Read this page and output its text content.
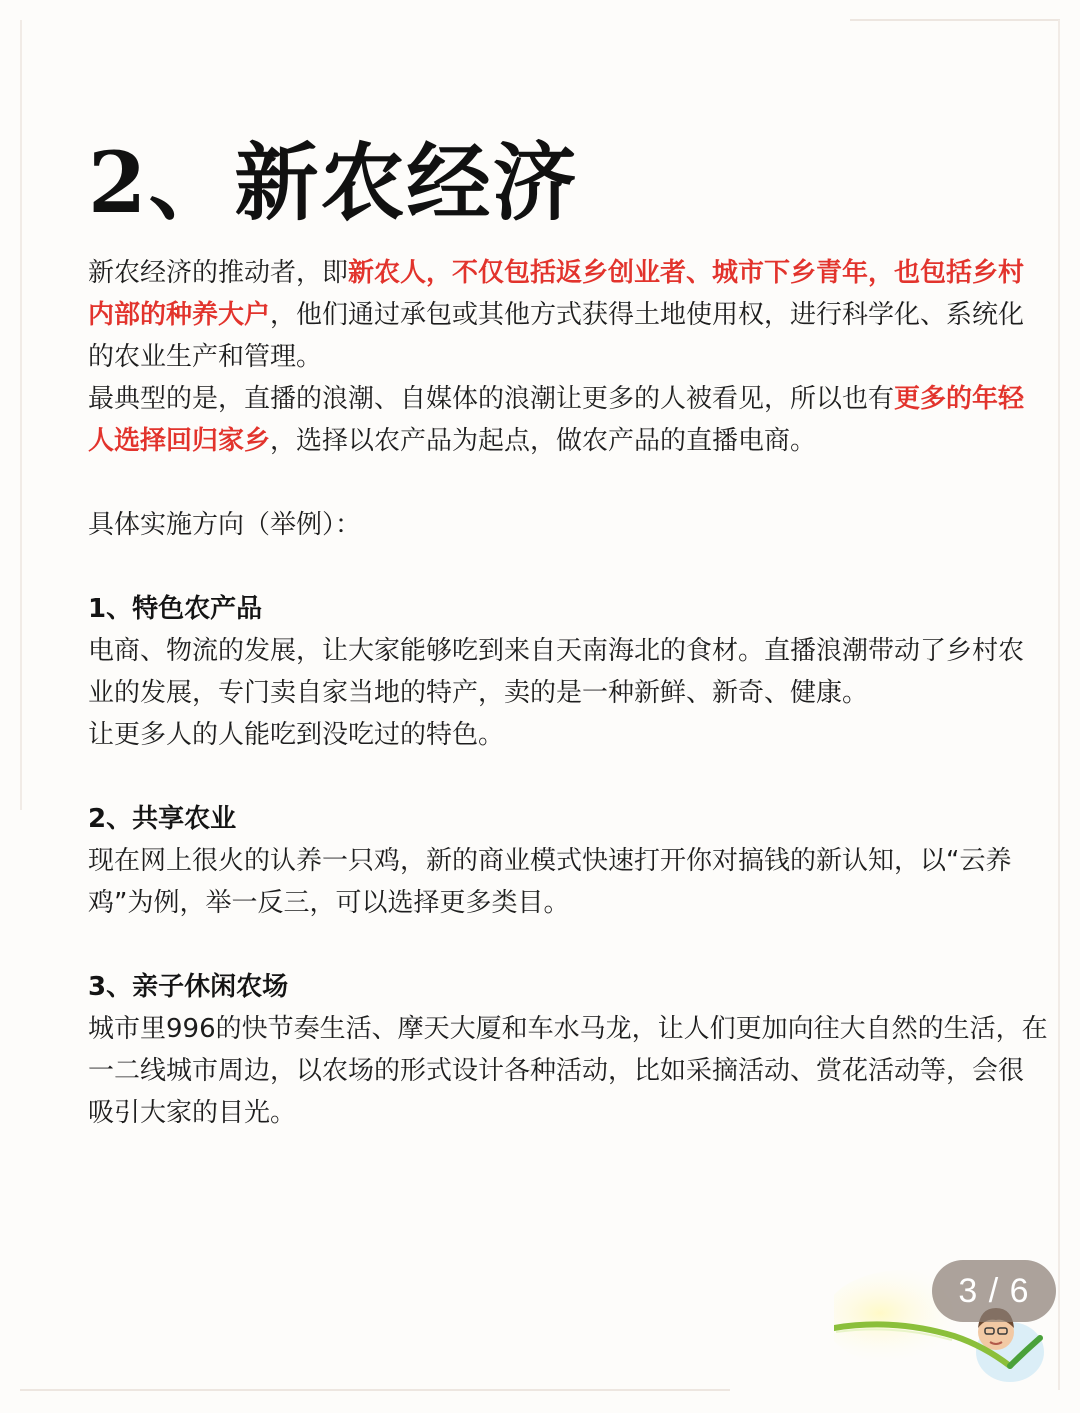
2、新农经济

新农经济的推动者，即新农人，不仅包括返乡创业者、城市下乡青年，也包括乡村内部的种养大户，他们通过承包或其他方式获得土地使用权，进行科学化、系统化的农业生产和管理。

最典型的是，直播的浪潮、自媒体的浪潮让更多的人被看见，所以也有更多的年轻人选择回归家乡，选择以农产品为起点，做农产品的直播电商。

具体实施方向（举例）：

1、特色农产品

电商、物流的发展，让大家能够吃到来自天南海北的食材。直播浪潮带动了乡村农业的发展，专门卖自家当地的特产，卖的是一种新鲜、新奇、健康。

让更多人的人能吃到没吃过的特色。

2、共享农业

现在网上很火的认养一只鸡，新的商业模式快速打开你对搞钱的新认知，以“云养鸡”为例，举一反三，可以选择更多类目。

3、亲子休闲农场

城市里996的快节奏生活、摩天大厦和车水马龙，让人们更加向往大自然的生活，在一二线城市周边，以农场的形式设计各种活动，比如采摘活动、赏花活动等，会很吸引大家的目光。

3 / 6
